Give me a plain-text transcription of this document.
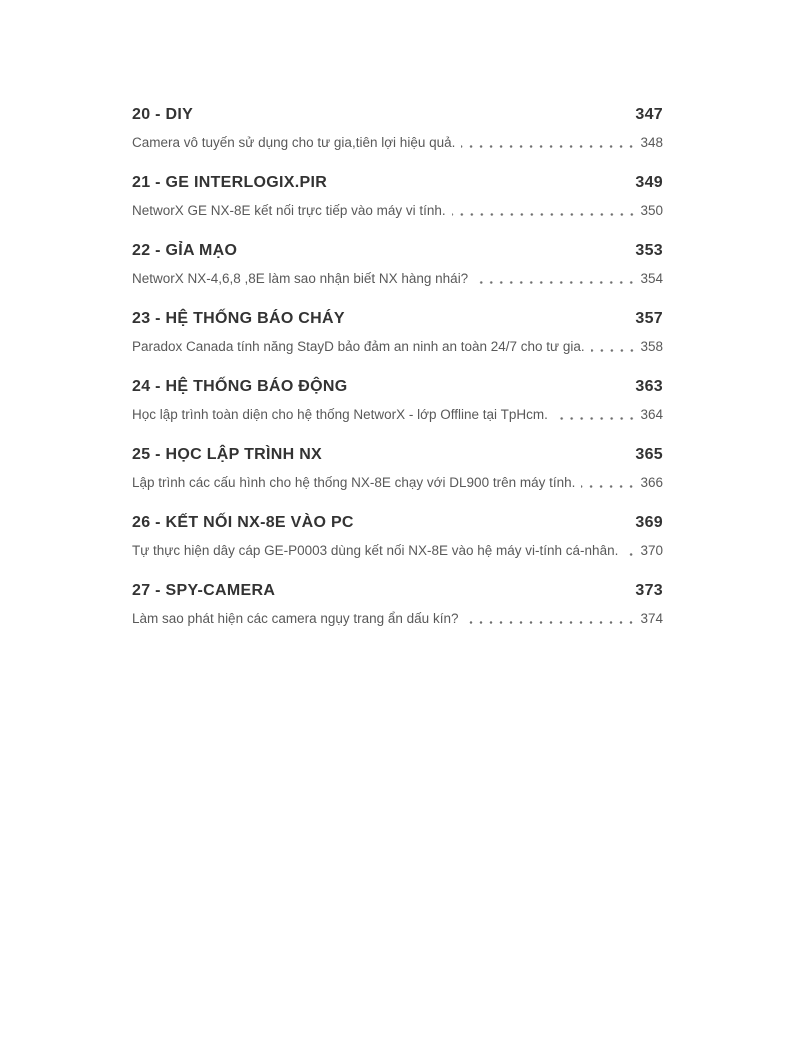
20 - DIY	347
Camera vô tuyến sử dụng cho tư gia,tiên lợi hiệu quả.	348
21 - GE INTERLOGIX.PIR	349
NetworX GE NX-8E kết nối trực tiếp vào máy vi tính.	350
22 - GỈA MẠO	353
NetworX NX-4,6,8 ,8E làm sao nhận biết NX hàng nhái?	354
23 - HỆ THỐNG BÁO CHÁY	357
Paradox Canada tính năng StayD bảo đảm an ninh an toàn 24/7 cho tư gia.	358
24 - HỆ THỐNG BÁO ĐỘNG	363
Học lập trình toàn diện cho hệ thống NetworX - lớp Offline tại TpHcm.	364
25 - HỌC LẬP TRÌNH NX	365
Lập trình các cấu hình cho hệ thống NX-8E chạy với DL900 trên máy tính.	366
26 - KẾT NỐI NX-8E VÀO PC	369
Tự thực hiện dây cáp GE-P0003 dùng kết nối NX-8E vào hệ máy vi-tính cá-nhân. 370
27 - SPY-CAMERA	373
Làm sao phát hiện các camera ngụy trang ẩn dấu kín?	374
